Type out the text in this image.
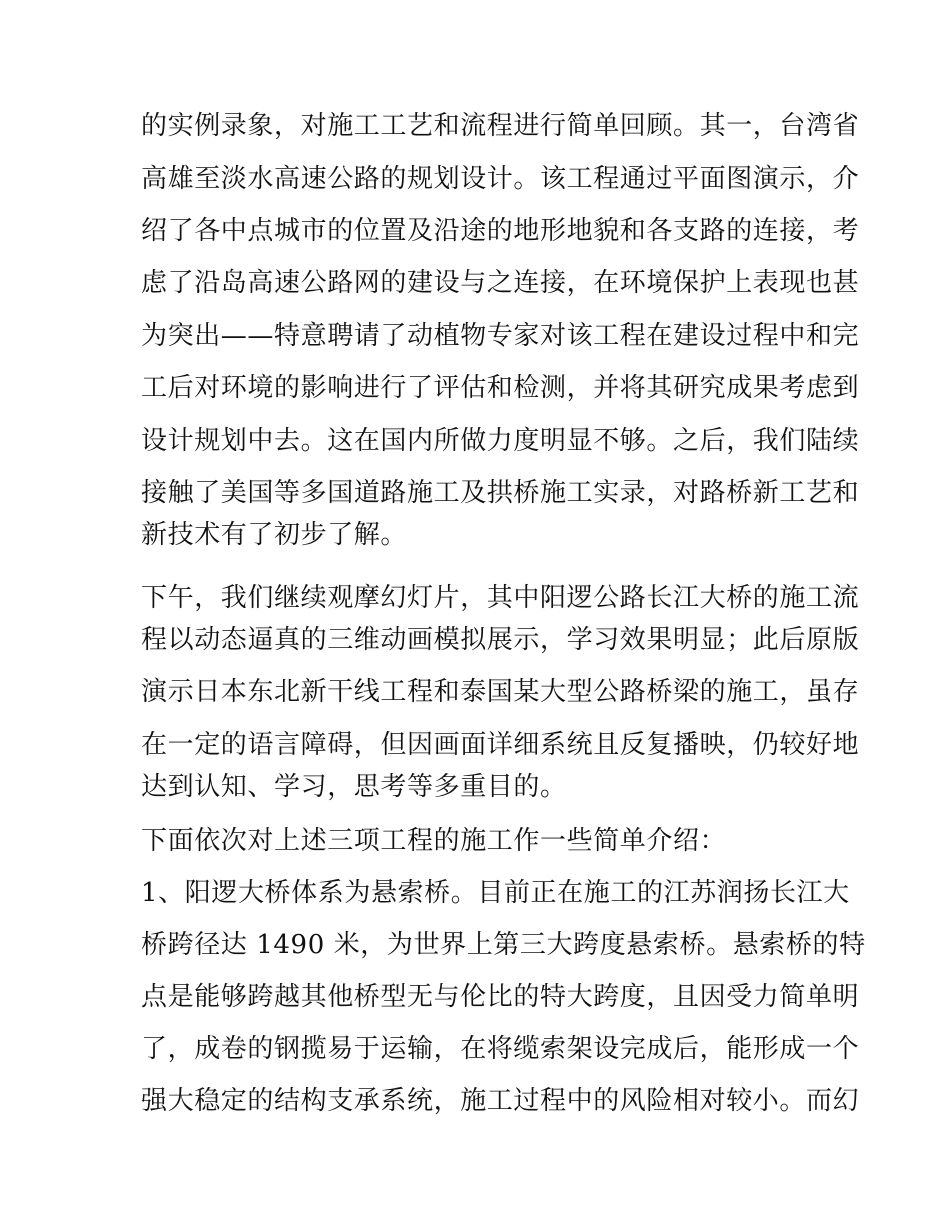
的实例录象，对施工工艺和流程进行简单回顾。其一，台湾省
高雄至淡水高速公路的规划设计。该工程通过平面图演示，介
绍了各中点城市的位置及沿途的地形地貌和各支路的连接，考
虑了沿岛高速公路网的建设与之连接，在环境保护上表现也甚
为突出——特意聘请了动植物专家对该工程在建设过程中和完
工后对环境的影响进行了评估和检测，并将其研究成果考虑到
设计规划中去。这在国内所做力度明显不够。之后，我们陆续
接触了美国等多国道路施工及拱桥施工实录，对路桥新工艺和
新技术有了初步了解。
下午，我们继续观摩幻灯片，其中阳逻公路长江大桥的施工流
程以动态逼真的三维动画模拟展示，学习效果明显；此后原版
演示日本东北新干线工程和泰国某大型公路桥梁的施工，虽存
在一定的语言障碍，但因画面详细系统且反复播映，仍较好地
达到认知、学习，思考等多重目的。
下面依次对上述三项工程的施工作一些简单介绍：
1、阳逻大桥体系为悬索桥。目前正在施工的江苏润扬长江大
桥跨径达 1490 米，为世界上第三大跨度悬索桥。悬索桥的特
点是能够跨越其他桥型无与伦比的特大跨度，且因受力简单明
了，成卷的钢揽易于运输，在将缆索架设完成后，能形成一个
强大稳定的结构支承系统，施工过程中的风险相对较小。而幻
